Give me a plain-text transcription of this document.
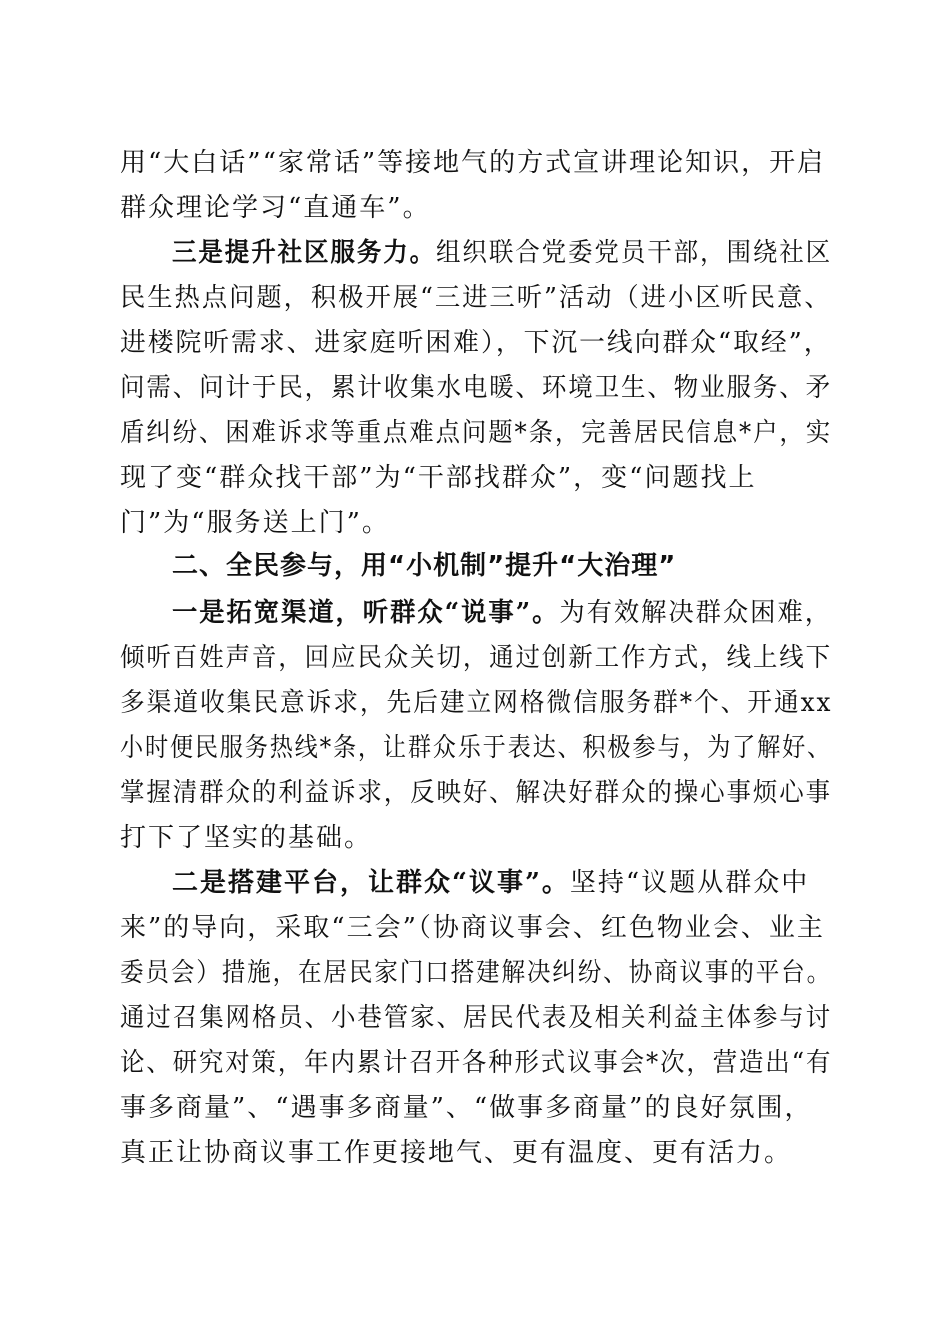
用“大白话”“家常话”等接地气的方式宣讲理论知识，开启
群众理论学习“直通车”。
三是提升社区服务力。组织联合党委党员干部，围绕社区
民生热点问题，积极开展“三进三听”活动（进小区听民意、
进楼院听需求、进家庭听困难），下沉一线向群众“取经”，
问需、问计于民，累计收集水电暖、环境卫生、物业服务、矛
盾纠纷、困难诉求等重点难点问题*条，完善居民信息*户，实
现了变“群众找干部”为“干部找群众”，变“问题找上
门”为“服务送上门”。
二、全民参与，用“小机制”提升“大治理”
一是拓宽渠道，听群众“说事”。为有效解决群众困难，
倾听百姓声音，回应民众关切，通过创新工作方式，线上线下
多渠道收集民意诉求，先后建立网格微信服务群*个、开通xx
小时便民服务热线*条，让群众乐于表达、积极参与，为了解好、
掌握清群众的利益诉求，反映好、解决好群众的操心事烦心事
打下了坚实的基础。
二是搭建平台，让群众“议事”。坚持“议题从群众中
来”的导向，采取“三会”（协商议事会、红色物业会、业主
委员会）措施，在居民家门口搭建解决纠纷、协商议事的平台。
通过召集网格员、小巷管家、居民代表及相关利益主体参与讨
论、研究对策，年内累计召开各种形式议事会*次，营造出“有
事多商量”、“遇事多商量”、“做事多商量”的良好氛围，
真正让协商议事工作更接地气、更有温度、更有活力。
